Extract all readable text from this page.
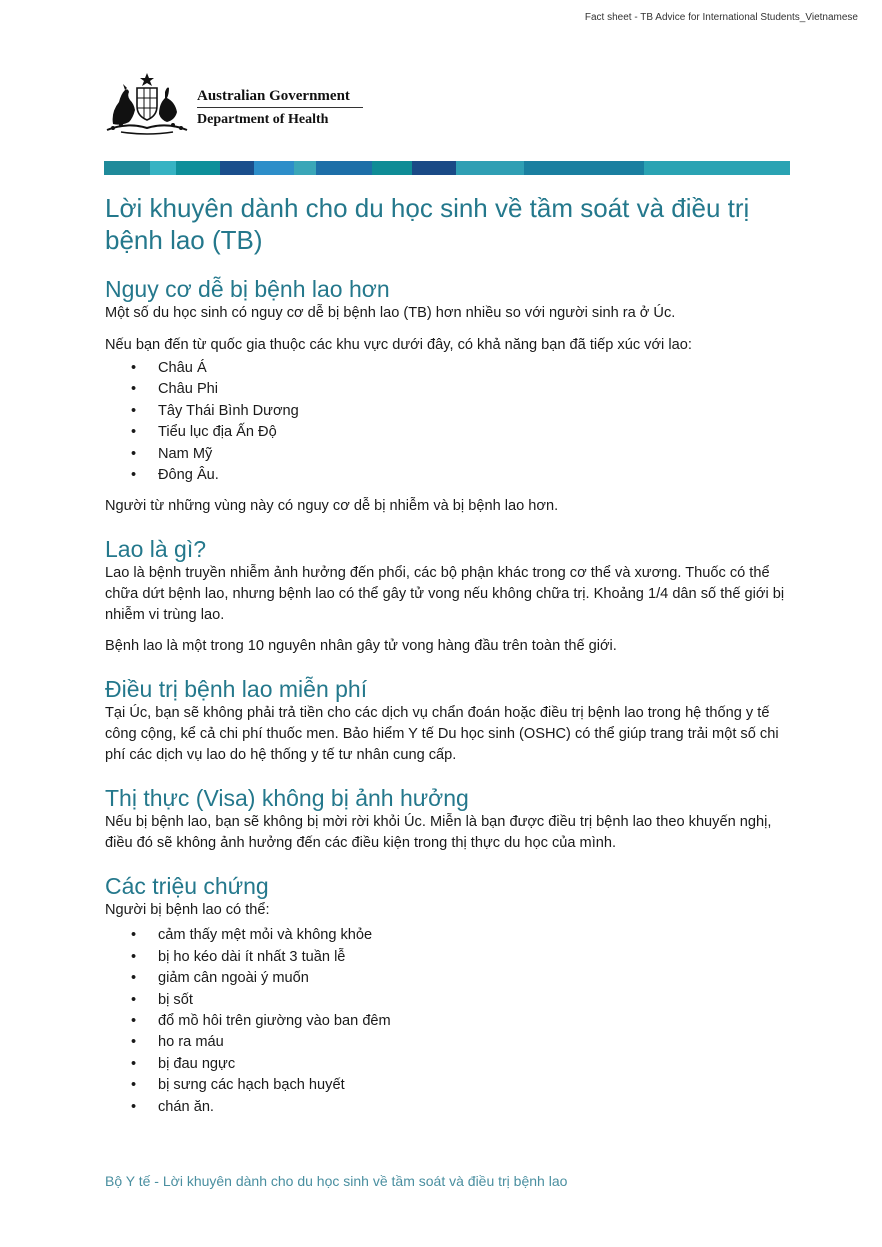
Fact sheet - TB Advice for International Students_Vietnamese
Australian Government
Department of Health
Lời khuyên dành cho du học sinh về tầm soát và điều trị bệnh lao (TB)
Nguy cơ dễ bị bệnh lao hơn

Một số du học sinh có nguy cơ dễ bị bệnh lao (TB) hơn nhiều so với người sinh ra ở Úc.

Nếu bạn đến từ quốc gia thuộc các khu vực dưới đây, có khả năng bạn đã tiếp xúc với lao:

• Châu Á
• Châu Phi
• Tây Thái Bình Dương
• Tiểu lục địa Ấn Độ
• Nam Mỹ
• Đông Âu.

Người từ những vùng này có nguy cơ dễ bị nhiễm và bị bệnh lao hơn.

Lao là gì?

Lao là bệnh truyền nhiễm ảnh hưởng đến phổi, các bộ phận khác trong cơ thể và xương. Thuốc có thể chữa dứt bệnh lao, nhưng bệnh lao có thể gây tử vong nếu không chữa trị. Khoảng 1/4 dân số thế giới bị nhiễm vi trùng lao.

Bệnh lao là một trong 10 nguyên nhân gây tử vong hàng đầu trên toàn thế giới.

Điều trị bệnh lao miễn phí

Tại Úc, bạn sẽ không phải trả tiền cho các dịch vụ chẩn đoán hoặc điều trị bệnh lao trong hệ thống y tế công cộng, kể cả chi phí thuốc men. Bảo hiểm Y tế Du học sinh (OSHC) có thể giúp trang trải một số chi phí các dịch vụ lao do hệ thống y tế tư nhân cung cấp.

Thị thực (Visa) không bị ảnh hưởng

Nếu bị bệnh lao, bạn sẽ không bị mời rời khỏi Úc. Miễn là bạn được điều trị bệnh lao theo khuyến nghị, điều đó sẽ không ảnh hưởng đến các điều kiện trong thị thực du học của mình.

Các triệu chứng

Người bị bệnh lao có thể:

• cảm thấy mệt mỏi và không khỏe
• bị ho kéo dài ít nhất 3 tuần lễ
• giảm cân ngoài ý muốn
• bị sốt
• đổ mồ hôi trên giường vào ban đêm
• ho ra máu
• bị đau ngực
• bị sưng các hạch bạch huyết
• chán ăn.
Bộ Y tế - Lời khuyên dành cho du học sinh về tầm soát và điều trị bệnh lao
